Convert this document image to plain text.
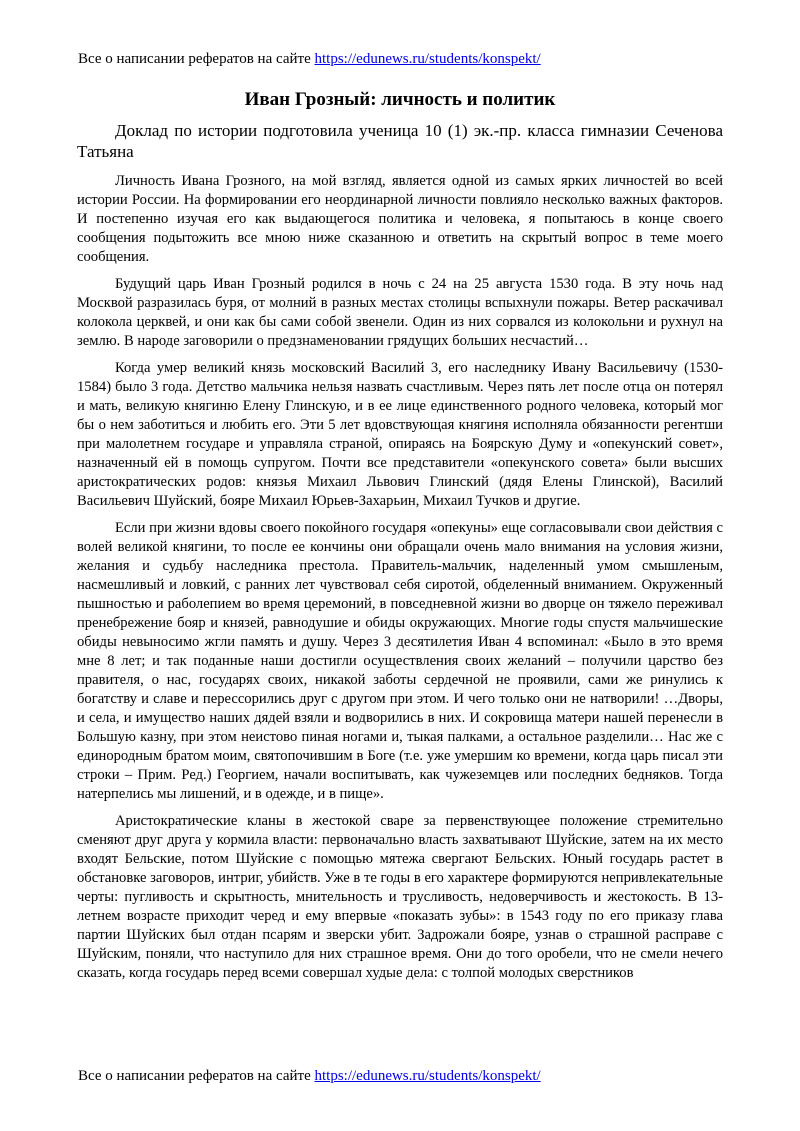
Все о написании рефератов на сайте https://edunews.ru/students/konspekt/
Иван Грозный: личность и политик
Доклад по истории подготовила ученица 10 (1) эк.-пр. класса гимназии Сеченова Татьяна

Личность Ивана Грозного, на мой взгляд, является одной из самых ярких личностей во всей истории России. На формировании его неординарной личности повлияло несколько важных факторов. И постепенно изучая его как выдающегося политика и человека, я попытаюсь в конце своего сообщения подытожить все мною ниже сказанною и ответить на скрытый вопрос в теме моего сообщения.

Будущий царь Иван Грозный родился в ночь с 24 на 25 августа 1530 года. В эту ночь над Москвой разразилась буря, от молний в разных местах столицы вспыхнули пожары. Ветер раскачивал колокола церквей, и они как бы сами собой звенели. Один из них сорвался из колокольни и рухнул на землю. В народе заговорили о предзнаменовании грядущих больших несчастий…

Когда умер великий князь московский Василий 3, его наследнику Ивану Васильевичу (1530-1584) было 3 года. Детство мальчика нельзя назвать счастливым. Через пять лет после отца он потерял и мать, великую княгиню Елену Глинскую, и в ее лице единственного родного человека, который мог бы о нем заботиться и любить его. Эти 5 лет вдовствующая княгиня исполняла обязанности регентши при малолетнем государе и управляла страной, опираясь на Боярскую Думу и «опекунский совет», назначенный ей в помощь супругом. Почти все представители «опекунского совета» были высших аристократических родов: князья Михаил Львович Глинский (дядя Елены Глинской), Василий Васильевич Шуйский, бояре Михаил Юрьев-Захарьин, Михаил Тучков и другие.

Если при жизни вдовы своего покойного государя «опекуны» еще согласовывали свои действия с волей великой княгини, то после ее кончины они обращали очень мало внимания на условия жизни, желания и судьбу наследника престола. Правитель-мальчик, наделенный умом смышленым, насмешливый и ловкий, с ранних лет чувствовал себя сиротой, обделенный вниманием. Окруженный пышностью и раболепием во время церемоний, в повседневной жизни во дворце он тяжело переживал пренебрежение бояр и князей, равнодушие и обиды окружающих. Многие годы спустя мальчишеские обиды невыносимо жгли память и душу. Через 3 десятилетия Иван 4 вспоминал: «Было в это время мне 8 лет; и так поданные наши достигли осуществления своих желаний – получили царство без правителя, о нас, государях своих, никакой заботы сердечной не проявили, сами же ринулись к богатству и славе и перессорились друг с другом при этом. И чего только они не натворили! …Дворы, и села, и имущество наших дядей взяли и водворились в них. И сокровища матери нашей перенесли в Большую казну, при этом неистово пиная ногами и, тыкая палками, а остальное разделили… Нас же с единородным братом моим, святопочившим в Боге (т.е. уже умершим ко времени, когда царь писал эти строки – Прим. Ред.) Георгием, начали воспитывать, как чужеземцев или последних бедняков. Тогда натерпелись мы лишений, и в одежде, и в пище».

Аристократические кланы в жестокой сваре за первенствующее положение стремительно сменяют друг друга у кормила власти: первоначально власть захватывают Шуйские, затем на их место входят Бельские, потом Шуйские с помощью мятежа свергают Бельских. Юный государь растет в обстановке заговоров, интриг, убийств. Уже в те годы в его характере формируются непривлекательные черты: пугливость и скрытность, мнительность и трусливость, недоверчивость и жестокость. В 13-летнем возрасте приходит черед и ему впервые «показать зубы»: в 1543 году по его приказу глава партии Шуйских был отдан псарям и зверски убит. Задрожали бояре, узнав о страшной расправе с Шуйским, поняли, что наступило для них страшное время. Они до того оробели, что не смели нечего сказать, когда государь перед всеми совершал худые дела: с толпой молодых сверстников

Все о написании рефератов на сайте https://edunews.ru/students/konspekt/
